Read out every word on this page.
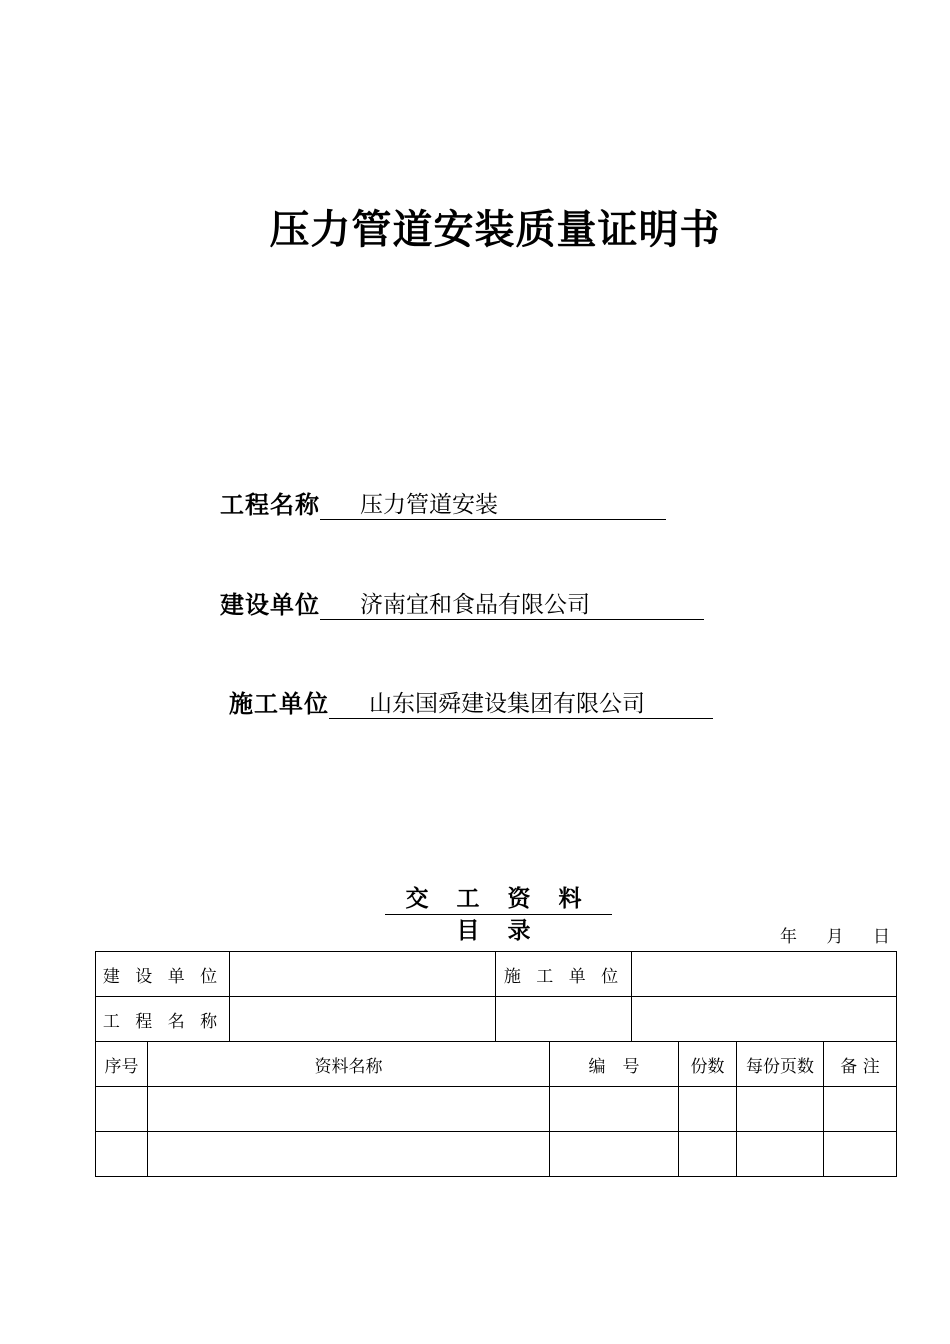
压力管道安装质量证明书
工程名称	压力管道安装
建设单位	济南宜和食品有限公司
施工单位	山东国舜建设集团有限公司
交 工 资 料 目 录	年 月 日
建 设 单 位		施 工 单 位	
工 程 名 称			
序号	资料名称	编　号	份数	每份页数	备 注
